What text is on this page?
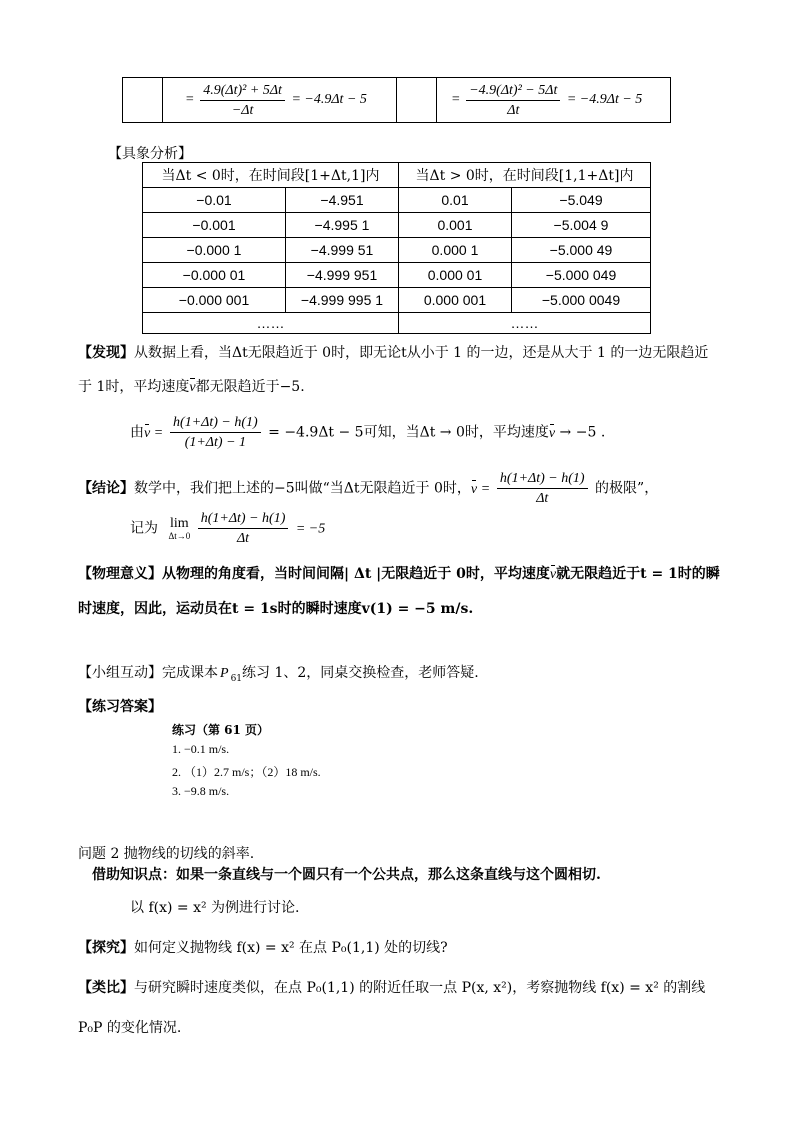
	= $\frac{\text{4.9(Δt)² + 5Δt}}{-\Delta t} = -4.9\Delta t - 5$		= $\frac{\text{−4.9(Δt)² − 5Δt}}{\Delta t} = -4.9\Delta t - 5$
【具象分析】
当Δt < 0时，在时间段[1+Δt,1]内		当Δt > 0时，在时间段[1,1+Δt]内	
−0.01	−4.951	0.01	−5.049
−0.001	−4.995 1	0.001	−5.004 9
−0.000 1	−4.999 51	0.000 1	−5.000 49
−0.000 01	−4.999 951	0.000 01	−5.000 049
−0.000 001	−4.999 995 1	0.000 001	−5.000 0049
……		……	
【发现】从数据上看，当Δt无限趋近于 0时，即无论t从小于 1 的一边，还是从大于 1 的一边无限趋近
于 1时，平均速度v都无限趋近于−5.
由$v = \frac{h(1+\Delta t) - h(1)}{(1+\Delta t) - 1} = -4.9\Delta t - 5$可知，当Δt → 0时，平均速度v → −5 .
【结论】数学中，我们把上述的−5叫做“当Δt无限趋近于 0时，$v = \frac{h(1+\Delta t) - h(1)}{\Delta t}$ 的极限”，
记为 lim
Δt→0
$\frac{h(1+\Delta t) - h(1)}{\Delta t} = -5$
【物理意义】从物理的角度看，当时间间隔| Δt |无限趋近于 0时，平均速度v就无限趋近于t = 1时的瞬
时速度，因此，运动员在t = 1s时的瞬时速度v(1) = −5 m/s.
【小组互动】完成课本 P $_{61}$练习 1、2，同桌交换检查，老师答疑.
【练习答案】
练习（第 61 页）
1. −0.1 m/s.
2. （1）2.7 m/s；（2）18 m/s.
3. −9.8 m/s.
问题 2 抛物线的切线的斜率.
借助知识点：如果一条直线与一个圆只有一个公共点，那么这条直线与这个圆相切.
以 f(x) = x² 为例进行讨论.
【探究】如何定义抛物线 f(x) = x² 在点 P₀(1,1) 处的切线?
【类比】与研究瞬时速度类似，在点 P₀(1,1) 的附近任取一点 P(x, x²)，考察抛物线 f(x) = x² 的割线
P₀P 的变化情况.
